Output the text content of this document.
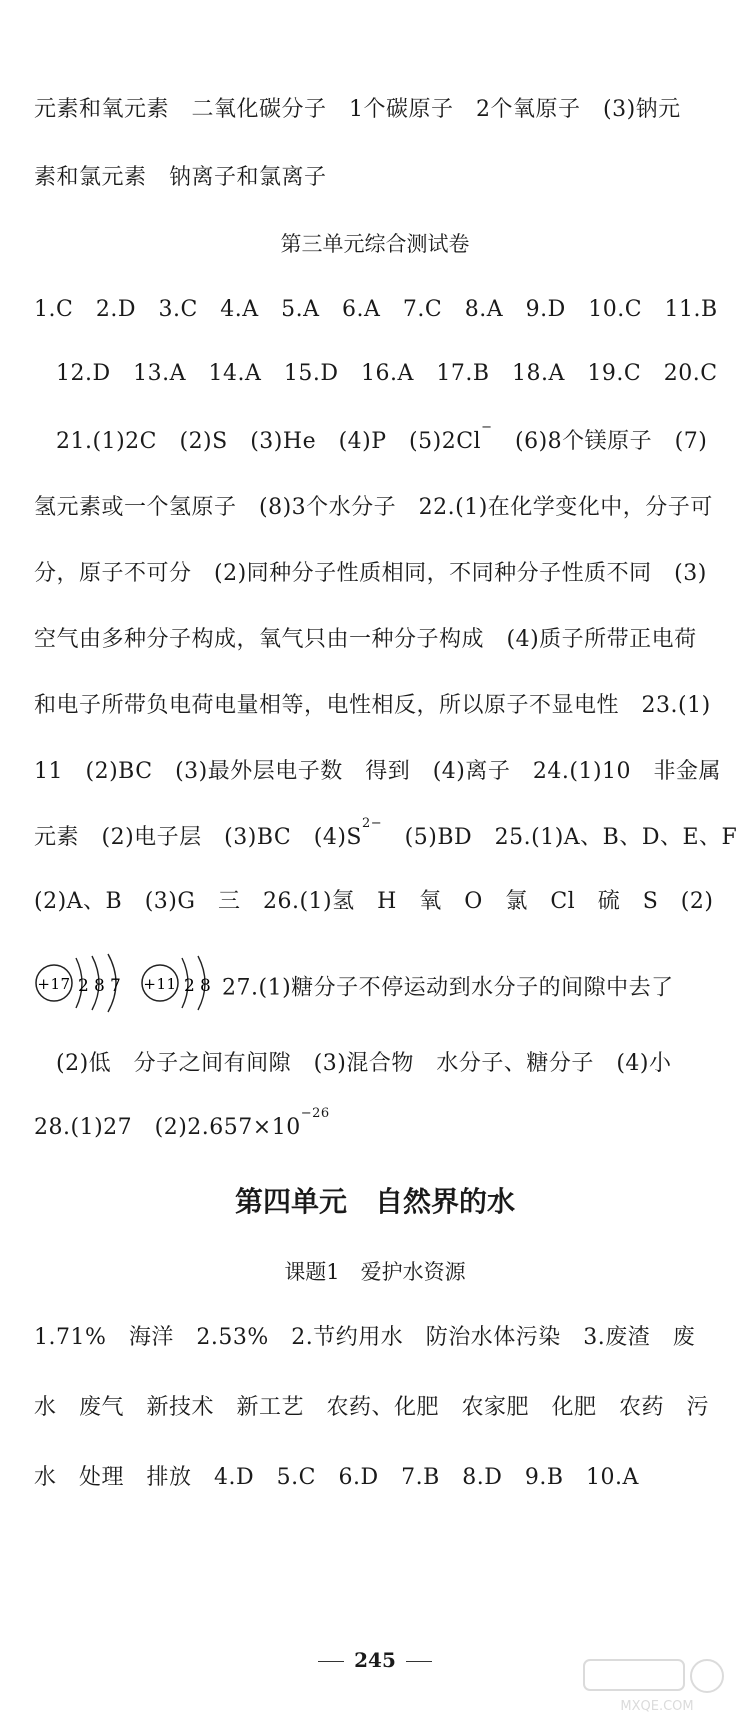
元素和氧元素　二氧化碳分子　1个碳原子　2个氧原子　(3)钠元
素和氯元素　钠离子和氯离子
第三单元综合测试卷
1.C　2.D　3.C　4.A　5.A　6.A　7.C　8.A　9.D　10.C　11.B
12.D　13.A　14.A　15.D　16.A　17.B　18.A　19.C　20.C
21.(1)2C　(2)S　(3)He　(4)P　(5)2Cl−　(6)8个镁原子　(7)
氢元素或一个氢原子　(8)3个水分子　22.(1)在化学变化中，分子可
分，原子不可分　(2)同种分子性质相同，不同种分子性质不同　(3)
空气由多种分子构成，氧气只由一种分子构成　(4)质子所带正电荷
和电子所带负电荷电量相等，电性相反，所以原子不显电性　23.(1)
11　(2)BC　(3)最外层电子数　得到　(4)离子　24.(1)10　非金属
元素　(2)电子层　(3)BC　$(4)S^{2-}$　(5)BD　25.(1)A、B、D、E、F
(2)A、B　(3)G　三　26.(1)氢　H　氧　O　氯　Cl　硫　S　(2)
+17 2 8 7 +11 2 8 27.(1)糖分子不停运动到水分子的间隙中去了
(2)低　分子之间有间隙　(3)混合物　水分子、糖分子　(4)小
28.(1)27　$(2)2.657\times 10^{-26}$
第四单元　自然界的水
课题1　爱护水资源
1.71%　海洋　2.53%　2.节约用水　防治水体污染　3.废渣　废
水　废气　新技术　新工艺　农药、化肥　农家肥　化肥　农药　污
水　处理　排放　4.D　5.C　6.D　7.B　8.D　9.B　10.A
245
MXQE.COM
